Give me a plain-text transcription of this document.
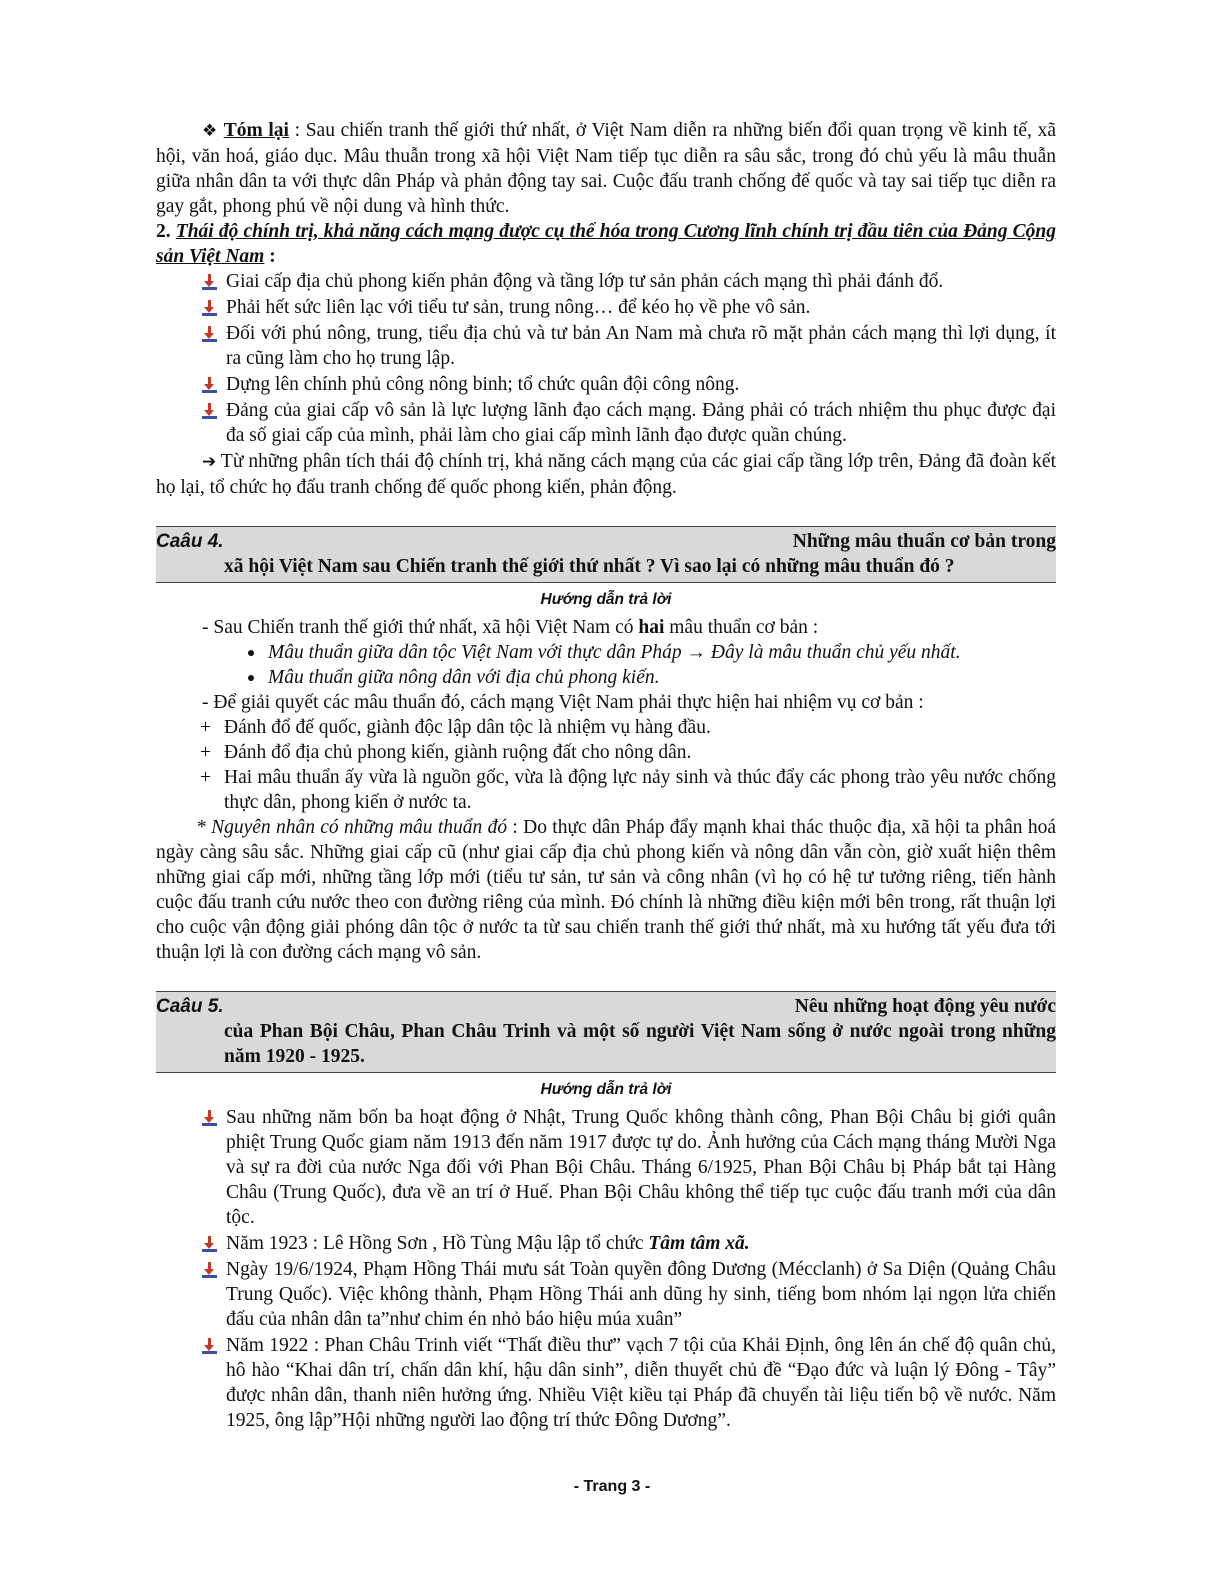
❖ Tóm lại : Sau chiến tranh thế giới thứ nhất, ở Việt Nam diễn ra những biến đổi quan trọng về kinh tế, xã hội, văn hoá, giáo dục. Mâu thuẫn trong xã hội Việt Nam tiếp tục diễn ra sâu sắc, trong đó chủ yếu là mâu thuẫn giữa nhân dân ta với thực dân Pháp và phản động tay sai. Cuộc đấu tranh chống đế quốc và tay sai tiếp tục diễn ra gay gắt, phong phú về nội dung và hình thức.

2. Thái độ chính trị, khả năng cách mạng được cụ thể hóa trong Cương lĩnh chính trị đầu tiên của Đảng Cộng sản Việt Nam :

Giai cấp địa chủ phong kiến phản động và tầng lớp tư sản phản cách mạng thì phải đánh đổ.
Phải hết sức liên lạc với tiểu tư sản, trung nông… để kéo họ về phe vô sản.
Đối với phú nông, trung, tiểu địa chủ và tư bản An Nam mà chưa rõ mặt phản cách mạng thì lợi dụng, ít ra cũng làm cho họ trung lập.
Dựng lên chính phủ công nông binh; tổ chức quân đội công nông.
Đảng của giai cấp vô sản là lực lượng lãnh đạo cách mạng. Đảng phải có trách nhiệm thu phục được đại đa số giai cấp của mình, phải làm cho giai cấp mình lãnh đạo được quần chúng.

➔ Từ những phân tích thái độ chính trị, khả năng cách mạng của các giai cấp tầng lớp trên, Đảng đã đoàn kết họ lại, tổ chức họ đấu tranh chống đế quốc phong kiến, phản động.

Caâu 4.	Những mâu thuẩn cơ bản trong
xã hội Việt Nam sau Chiến tranh thế giới thứ nhất ? Vì sao lại có những mâu thuẩn đó ?
Hướng dẫn trả lời

- Sau Chiến tranh thế giới thứ nhất, xã hội Việt Nam có hai mâu thuẩn cơ bản :

Mâu thuẩn giữa dân tộc Việt Nam với thực dân Pháp → Đây là mâu thuẩn chủ yếu nhất.
Mâu thuẩn giữa nông dân với địa chủ phong kiến.

- Để giải quyết các mâu thuẩn đó, cách mạng Việt Nam phải thực hiện hai nhiệm vụ cơ bản :

+ Đánh đổ đế quốc, giành độc lập dân tộc là nhiệm vụ hàng đầu.
+ Đánh đổ địa chủ phong kiến, giành ruộng đất cho nông dân.
+ Hai mâu thuẩn ấy vừa là nguồn gốc, vừa là động lực nảy sinh và thúc đẩy các phong trào yêu nước chống thực dân, phong kiến ở nước ta.

* Nguyên nhân có những mâu thuẩn đó : Do thực dân Pháp đẩy mạnh khai thác thuộc địa, xã hội ta phân hoá ngày càng sâu sắc. Những giai cấp cũ (như giai cấp địa chủ phong kiến và nông dân vẫn còn, giờ xuất hiện thêm những giai cấp mới, những tầng lớp mới (tiểu tư sản, tư sản và công nhân (vì họ có hệ tư tưởng riêng, tiến hành cuộc đấu tranh cứu nước theo con đường riêng của mình. Đó chính là những điều kiện mới bên trong, rất thuận lợi cho cuộc vận động giải phóng dân tộc ở nước ta từ sau chiến tranh thế giới thứ nhất, mà xu hướng tất yếu đưa tới thuận lợi là con đường cách mạng vô sản.

Caâu 5.	Nêu những hoạt động yêu nước
của Phan Bội Châu, Phan Châu Trinh và một số người Việt Nam sống ở nước ngoài trong những năm 1920 - 1925.
Hướng dẫn trả lời
Sau những năm bốn ba hoạt động ở Nhật, Trung Quốc không thành công, Phan Bội Châu bị giới quân phiệt Trung Quốc giam năm 1913 đến năm 1917 được tự do. Ảnh hưởng của Cách mạng tháng Mười Nga và sự ra đời của nước Nga đối với Phan Bội Châu. Tháng 6/1925, Phan Bội Châu bị Pháp bắt tại Hàng Châu (Trung Quốc), đưa về an trí ở Huế. Phan Bội Châu không thể tiếp tục cuộc đấu tranh mới của dân tộc.
Năm 1923 : Lê Hồng Sơn , Hồ Tùng Mậu lập tổ chức Tâm tâm xã.
Ngày 19/6/1924, Phạm Hồng Thái mưu sát Toàn quyền đông Dương (Mécclanh) ở Sa Diện (Quảng Châu Trung Quốc). Việc không thành, Phạm Hồng Thái anh dũng hy sinh, tiếng bom nhóm lại ngọn lửa chiến đấu của nhân dân ta”như chim én nhỏ báo hiệu múa xuân”
Năm 1922 : Phan Châu Trinh viết “Thất điều thư” vạch 7 tội của Khải Định, ông lên án chế độ quân chủ, hô hào “Khai dân trí, chấn dân khí, hậu dân sinh”, diễn thuyết chủ đề “Đạo đức và luận lý Đông - Tây” được nhân dân, thanh niên hưởng ứng. Nhiều Việt kiều tại Pháp đã chuyển tài liệu tiến bộ về nước. Năm 1925, ông lập”Hội những người lao động trí thức Đông Dương”.
- Trang 3 -
